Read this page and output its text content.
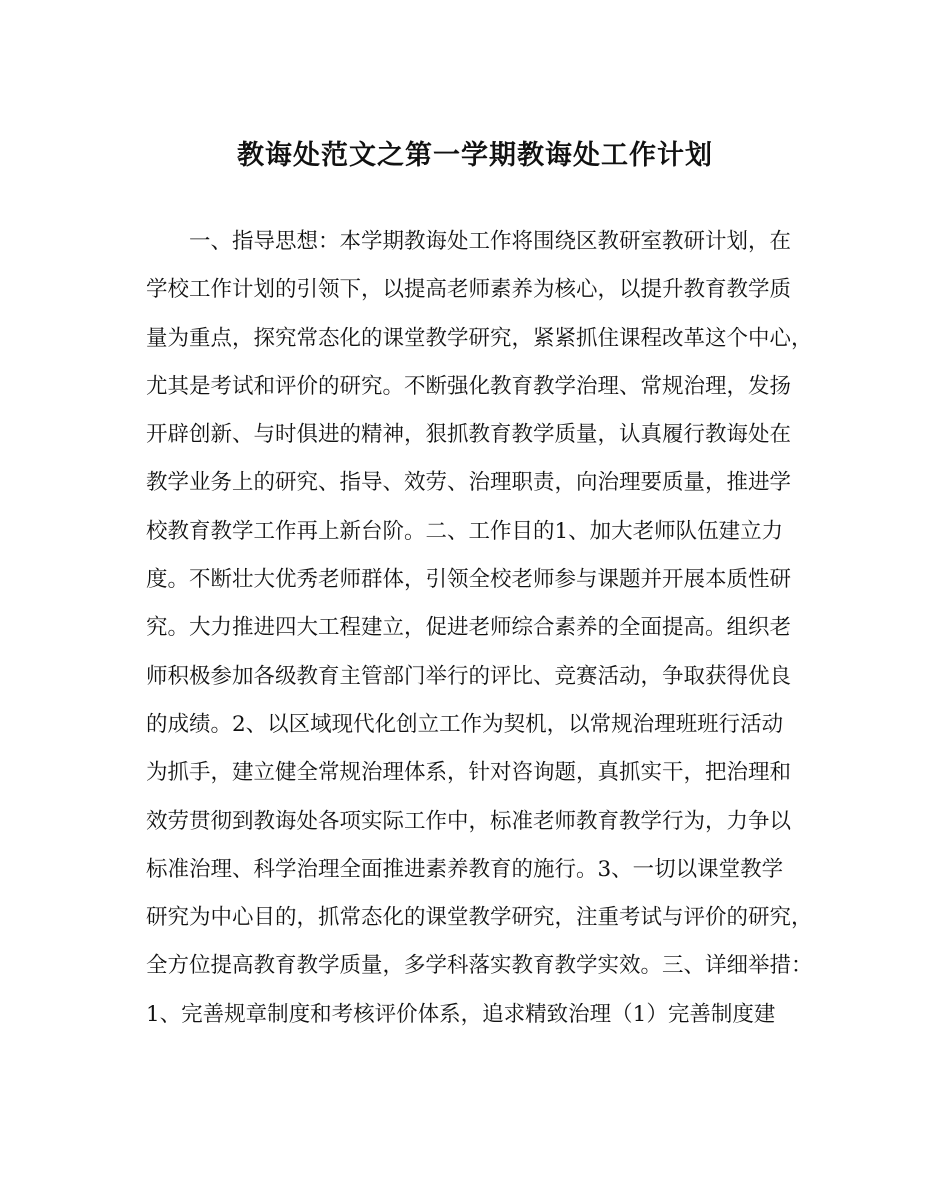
教诲处范文之第一学期教诲处工作计划
　　一、指导思想：本学期教诲处工作将围绕区教研室教研计划，在
学校工作计划的引领下，以提高老师素养为核心，以提升教育教学质
量为重点，探究常态化的课堂教学研究，紧紧抓住课程改革这个中心，
尤其是考试和评价的研究。不断强化教育教学治理、常规治理，发扬
开辟创新、与时俱进的精神，狠抓教育教学质量，认真履行教诲处在
教学业务上的研究、指导、效劳、治理职责，向治理要质量，推进学
校教育教学工作再上新台阶。二、工作目的1、加大老师队伍建立力
度。不断壮大优秀老师群体，引领全校老师参与课题并开展本质性研
究。大力推进四大工程建立，促进老师综合素养的全面提高。组织老
师积极参加各级教育主管部门举行的评比、竞赛活动，争取获得优良
的成绩。2、以区域现代化创立工作为契机，以常规治理班班行活动
为抓手，建立健全常规治理体系，针对咨询题，真抓实干，把治理和
效劳贯彻到教诲处各项实际工作中，标准老师教育教学行为，力争以
标准治理、科学治理全面推进素养教育的施行。3、一切以课堂教学
研究为中心目的，抓常态化的课堂教学研究，注重考试与评价的研究，
全方位提高教育教学质量，多学科落实教育教学实效。三、详细举措：
1、完善规章制度和考核评价体系，追求精致治理（1）完善制度建
